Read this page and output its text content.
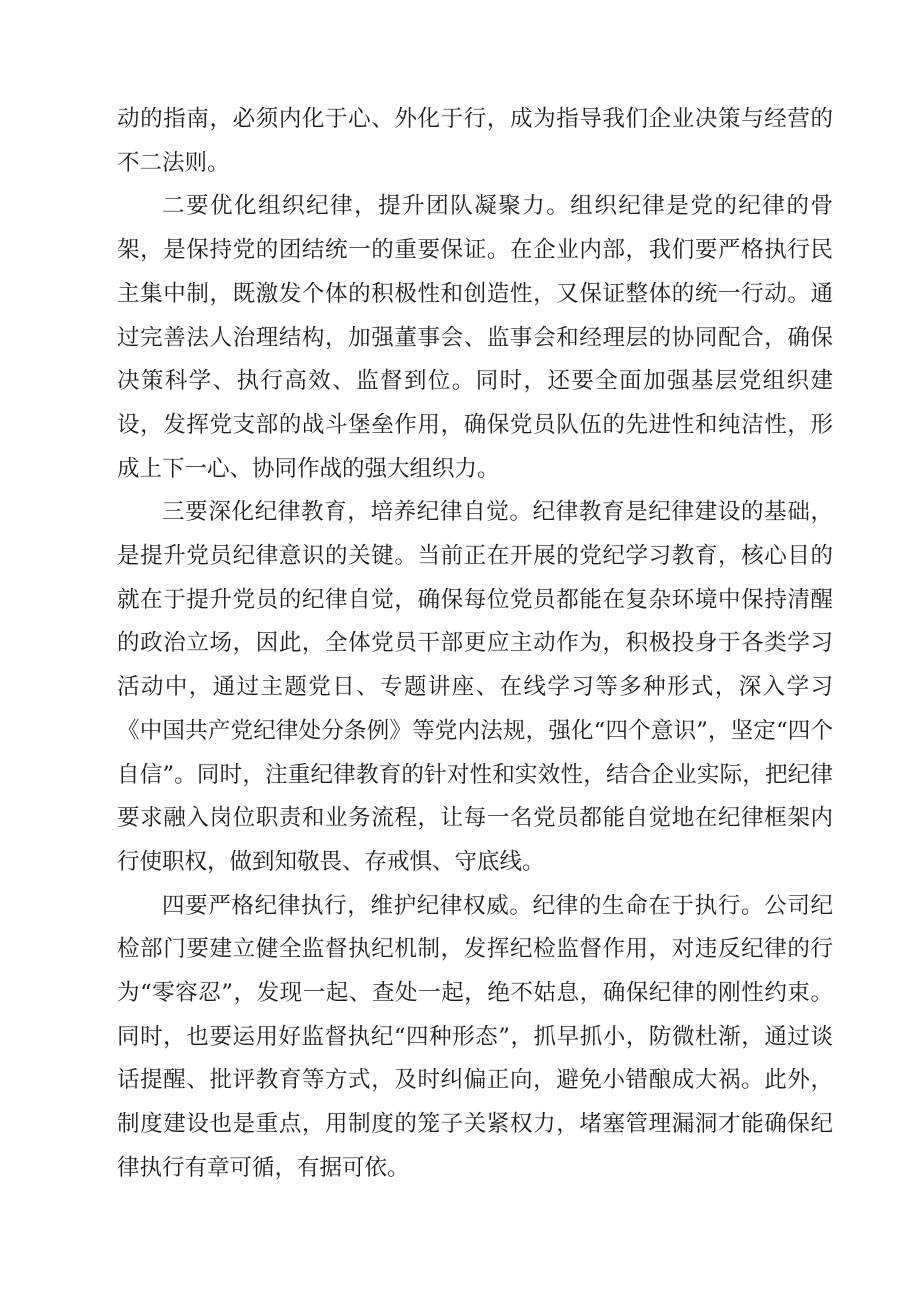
动的指南，必须内化于心、外化于行，成为指导我们企业决策与经营的不二法则。

二要优化组织纪律，提升团队凝聚力。组织纪律是党的纪律的骨架，是保持党的团结统一的重要保证。在企业内部，我们要严格执行民主集中制，既激发个体的积极性和创造性，又保证整体的统一行动。通过完善法人治理结构，加强董事会、监事会和经理层的协同配合，确保决策科学、执行高效、监督到位。同时，还要全面加强基层党组织建设，发挥党支部的战斗堡垒作用，确保党员队伍的先进性和纯洁性，形成上下一心、协同作战的强大组织力。

三要深化纪律教育，培养纪律自觉。纪律教育是纪律建设的基础，是提升党员纪律意识的关键。当前正在开展的党纪学习教育，核心目的就在于提升党员的纪律自觉，确保每位党员都能在复杂环境中保持清醒的政治立场，因此，全体党员干部更应主动作为，积极投身于各类学习活动中，通过主题党日、专题讲座、在线学习等多种形式，深入学习《中国共产党纪律处分条例》等党内法规，强化“四个意识”，坚定“四个自信”。同时，注重纪律教育的针对性和实效性，结合企业实际，把纪律要求融入岗位职责和业务流程，让每一名党员都能自觉地在纪律框架内行使职权，做到知敬畏、存戒惧、守底线。

四要严格纪律执行，维护纪律权威。纪律的生命在于执行。公司纪检部门要建立健全监督执纪机制，发挥纪检监督作用，对违反纪律的行为“零容忍”，发现一起、查处一起，绝不姑息，确保纪律的刚性约束。同时，也要运用好监督执纪“四种形态”，抓早抓小，防微杜渐，通过谈话提醒、批评教育等方式，及时纠偏正向，避免小错酿成大祸。此外，制度建设也是重点，用制度的笼子关紧权力，堵塞管理漏洞才能确保纪律执行有章可循，有据可依。
